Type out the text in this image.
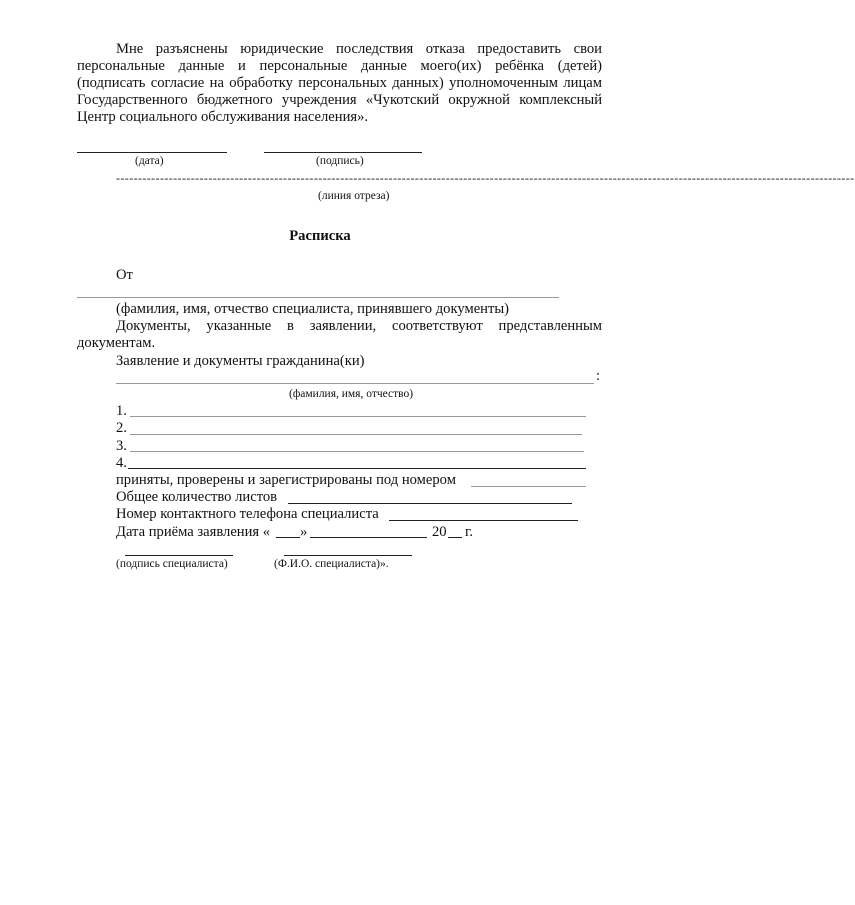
Мне разъяснены юридические последствия отказа предоставить свои персональные данные и персональные данные моего(их) ребёнка (детей) (подписать согласие на обработку персональных данных) уполномоченным лицам Государственного бюджетного учреждения «Чукотский окружной комплексный Центр социального обслуживания населения».

(дата)	(подпись)
------------------------------------------------------------------------------------------------------------------------------------------------------------------------
(линия отреза)
Расписка
От
(фамилия, имя, отчество специалиста, принявшего документы)

Документы, указанные в заявлении, соответствуют представленным документам.

Заявление и документы гражданина(ки)
:
(фамилия, имя, отчество)
1.
2.
3.
4.
приняты, проверены и зарегистрированы под номером
Общее количество листов
Номер контактного телефона специалиста
Дата приёма заявления « »	20 г.
(подпись специалиста)	(Ф.И.О. специалиста)».
